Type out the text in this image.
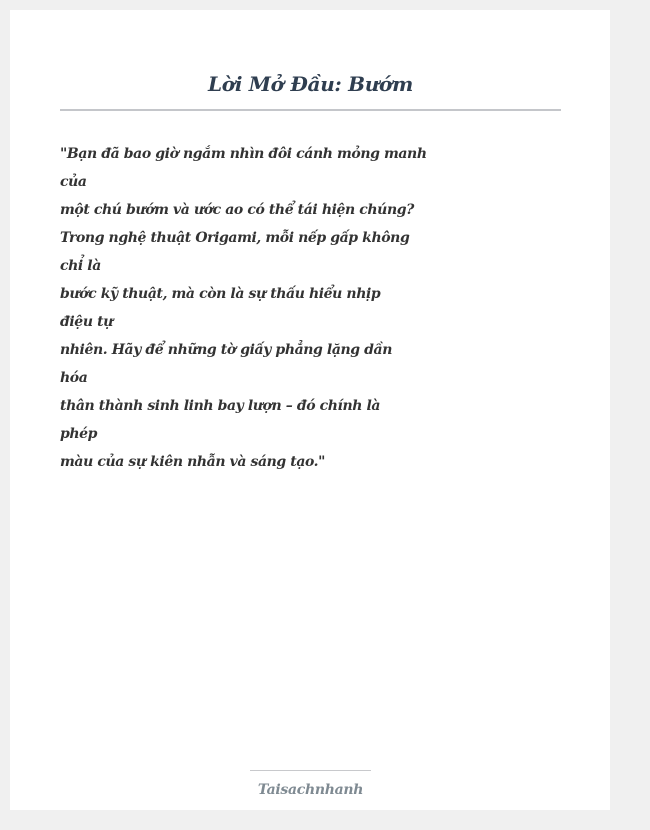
Lời Mở Đầu: Bướm
"Bạn đã bao giờ ngắm nhìn đôi cánh mỏng manh
của
một chú bướm và ước ao có thể tái hiện chúng?
Trong nghệ thuật Origami, mỗi nếp gấp không
chỉ là
bước kỹ thuật, mà còn là sự thấu hiểu nhịp
điệu tự
nhiên. Hãy để những tờ giấy phẳng lặng dần
hóa
thân thành sinh linh bay lượn – đó chính là
phép
màu của sự kiên nhẫn và sáng tạo."
Taisachnhanh
